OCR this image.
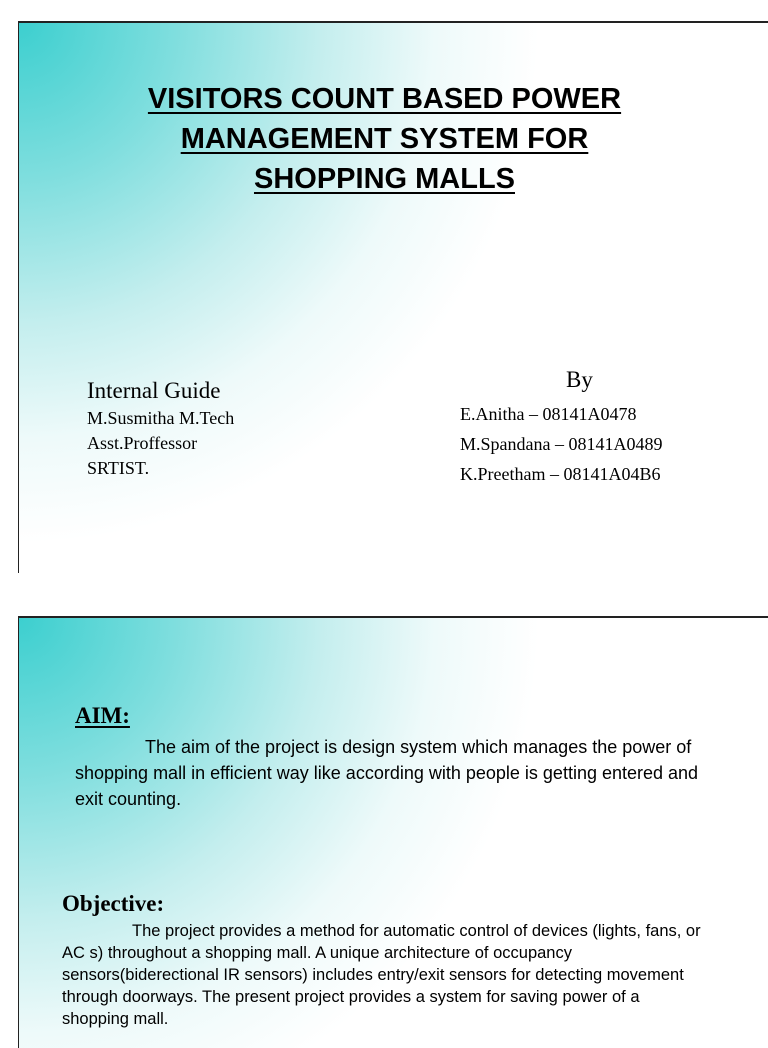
VISITORS COUNT BASED POWER
MANAGEMENT SYSTEM FOR
SHOPPING MALLS
Internal Guide
M.Susmitha M.Tech
Asst.Proffessor
SRTIST.
By
E.Anitha – 08141A0478
M.Spandana – 08141A0489
K.Preetham – 08141A04B6
AIM:
The aim of the project is design system which manages the power of shopping mall in efficient way like according with people is getting entered and exit counting.
Objective:
The project provides a method for automatic control of devices (lights, fans, or AC s) throughout a shopping mall. A unique architecture of occupancy sensors(biderectional IR sensors) includes entry/exit sensors for detecting movement through doorways. The present project provides a system for saving power of a shopping mall.
